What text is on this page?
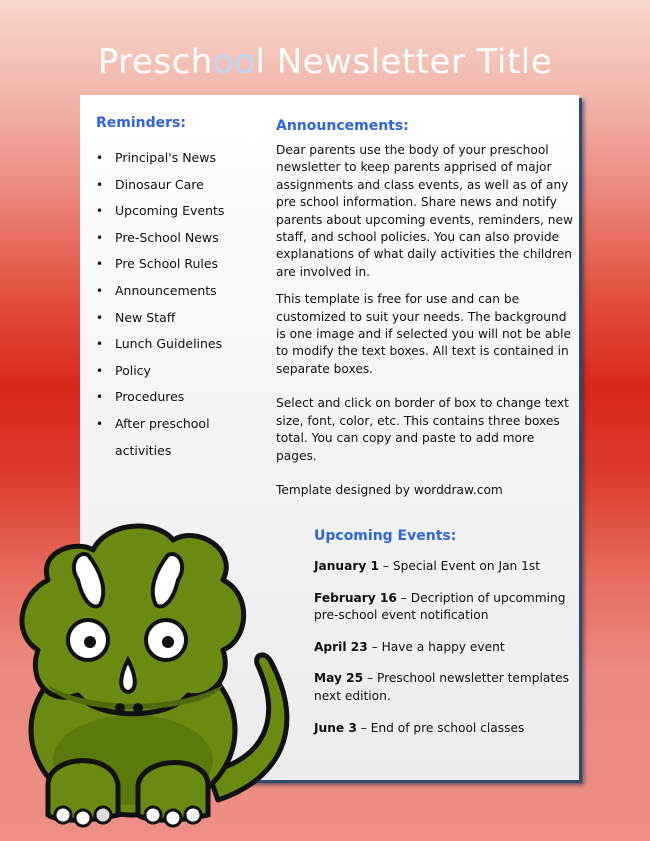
Preschool Newsletter Title
Reminders:
• Principal's News
• Dinosaur Care
• Upcoming Events
• Pre-School News
• Pre School Rules
• Announcements
• New Staff
• Lunch Guidelines
• Policy
• Procedures
• After preschool
activities
Announcements:

Dear parents use the body of your preschool newsletter to keep parents apprised of major assignments and class events, as well as of any pre school information. Share news and notify parents about upcoming events, reminders, new staff, and school policies. You can also provide explanations of what daily activities the children are involved in.

This template is free for use and can be customized to suit your needs. The background is one image and if selected you will not be able to modify the text boxes. All text is contained in separate boxes.

Select and click on border of box to change text size, font, color, etc. This contains three boxes total. You can copy and paste to add more pages.

Template designed by worddraw.com

Upcoming Events:
January 1 – Special Event on Jan 1st
February 16 – Decription of upcomming pre-school event notification
April 23 – Have a happy event
May 25 – Preschool newsletter templates next edition.
June 3 – End of pre school classes
